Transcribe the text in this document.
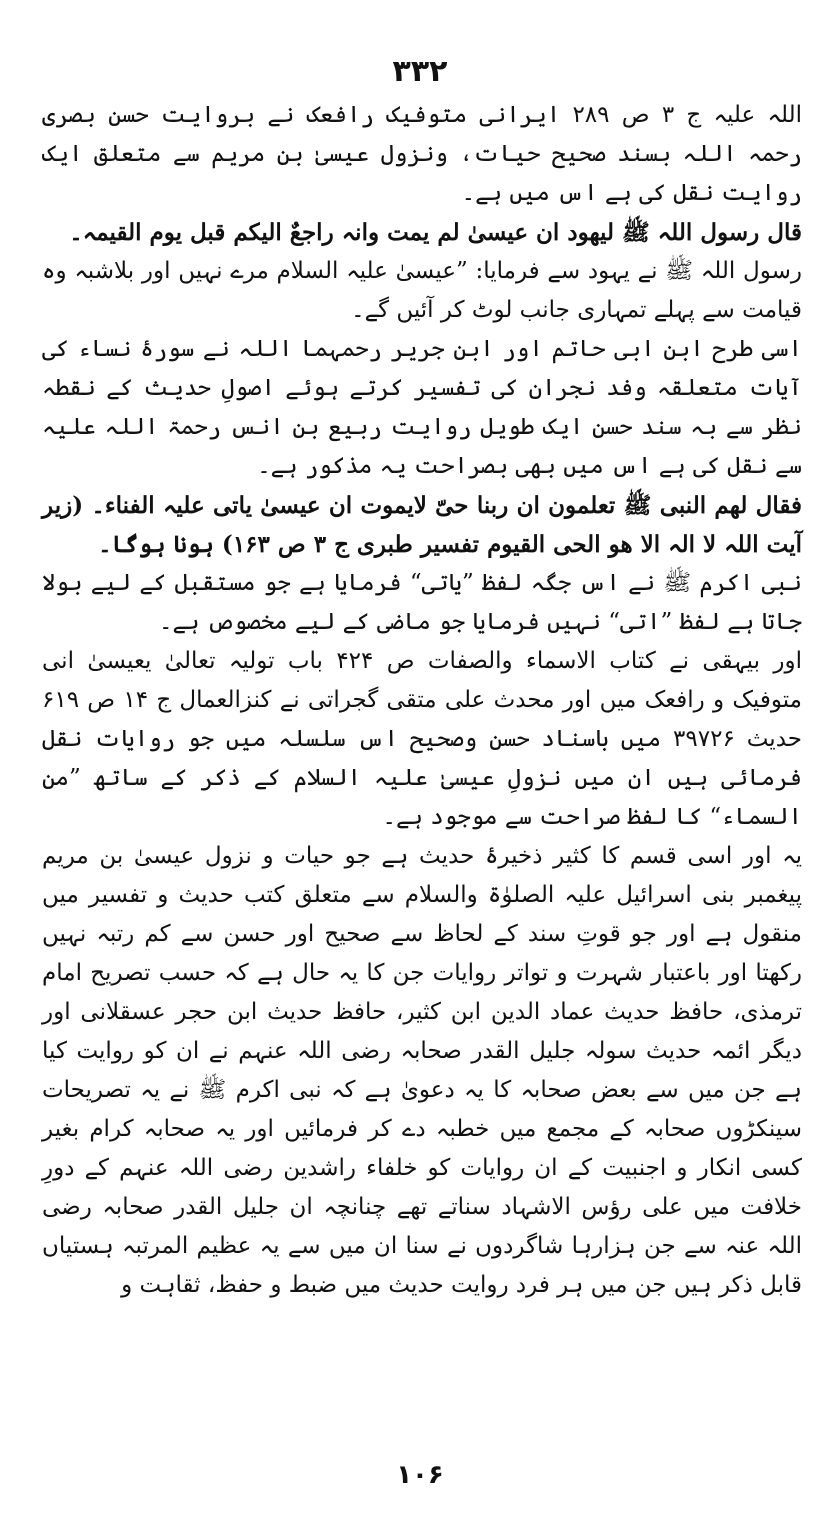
۳۳۲

اللہ علیہ ج ۳ ص ۲۸۹ ایرانی متوفیک رافعک نے بروایت حسن بصری رحمہ اللہ بسند صحیح حیات، ونزول عیسیٰ بن مریم سے متعلق ایک روایت نقل کی ہے اس میں ہے۔

قال رسول اللہ ﷺ لیھود ان عیسیٰ لم یمت وانہ راجعٌ الیکم قبل یوم القیمہ۔

رسول اللہ ﷺ نے یہود سے فرمایا: ”عیسیٰ علیہ السلام مرے نہیں اور بلاشبہ وہ قیامت سے پہلے تمہاری جانب لوٹ کر آئیں گے۔

اسی طرح ابن ابی حاتم اور ابن جریر رحمہما اللہ نے سورۂ نساء کی آیات متعلقہ وفد نجران کی تفسیر کرتے ہوئے اصولِ حدیث کے نقطہ نظر سے بہ سند حسن ایک طویل روایت ربیع بن انس رحمۃ اللہ علیہ سے نقل کی ہے اس میں بھی بصراحت یہ مذکور ہے۔

فقال لھم النبی ﷺ تعلمون ان ربنا حیّ لایموت ان عیسیٰ یاتی علیہ الفناء۔ (زیر آیت اللہ لا الہ الا ھو الحی القیوم تفسیر طبری ج ۳ ص ۱۶۳) ہونا ہوگا۔

نبی اکرم ﷺ نے اس جگہ لفظ ”یاتی“ فرمایا ہے جو مستقبل کے لیے بولا جاتا ہے لفظ ”اتی“ نہیں فرمایا جو ماضی کے لیے مخصوص ہے۔

اور بیہقی نے کتاب الاسماء والصفات ص ۴۲۴ باب تولیہ تعالیٰ یعیسیٰ انی متوفیک و رافعک میں اور محدث علی متقی گجراتی نے کنزالعمال ج ۱۴ ص ۶۱۹ حدیث ۳۹۷۲۶ میں باسناد حسن وصحیح اس سلسلہ میں جو روایات نقل فرمائی ہیں ان میں نزولِ عیسیٰ علیہ السلام کے ذکر کے ساتھ ”من السماء“ کا لفظ صراحت سے موجود ہے۔

یہ اور اسی قسم کا کثیر ذخیرۂ حدیث ہے جو حیات و نزول عیسیٰ بن مریم پیغمبر بنی اسرائیل علیہ الصلوٰۃ والسلام سے متعلق کتب حدیث و تفسیر میں منقول ہے اور جو قوتِ سند کے لحاظ سے صحیح اور حسن سے کم رتبہ نہیں رکھتا اور باعتبار شہرت و تواتر روایات جن کا یہ حال ہے کہ حسب تصریح امام ترمذی، حافظ حدیث عماد الدین ابن کثیر، حافظ حدیث ابن حجر عسقلانی اور دیگر ائمہ حدیث سولہ جلیل القدر صحابہ رضی اللہ عنہم نے ان کو روایت کیا ہے جن میں سے بعض صحابہ کا یہ دعویٰ ہے کہ نبی اکرم ﷺ نے یہ تصریحات سینکڑوں صحابہ کے مجمع میں خطبہ دے کر فرمائیں اور یہ صحابہ کرام بغیر کسی انکار و اجنبیت کے ان روایات کو خلفاء راشدین رضی اللہ عنہم کے دورِ خلافت میں علی رؤس الاشہاد سناتے تھے چنانچہ ان جلیل القدر صحابہ رضی اللہ عنہ سے جن ہزارہا شاگردوں نے سنا ان میں سے یہ عظیم المرتبہ ہستیاں قابل ذکر ہیں جن میں ہر فرد روایت حدیث میں ضبط و حفظ، ثقاہت و

۱۰۶
